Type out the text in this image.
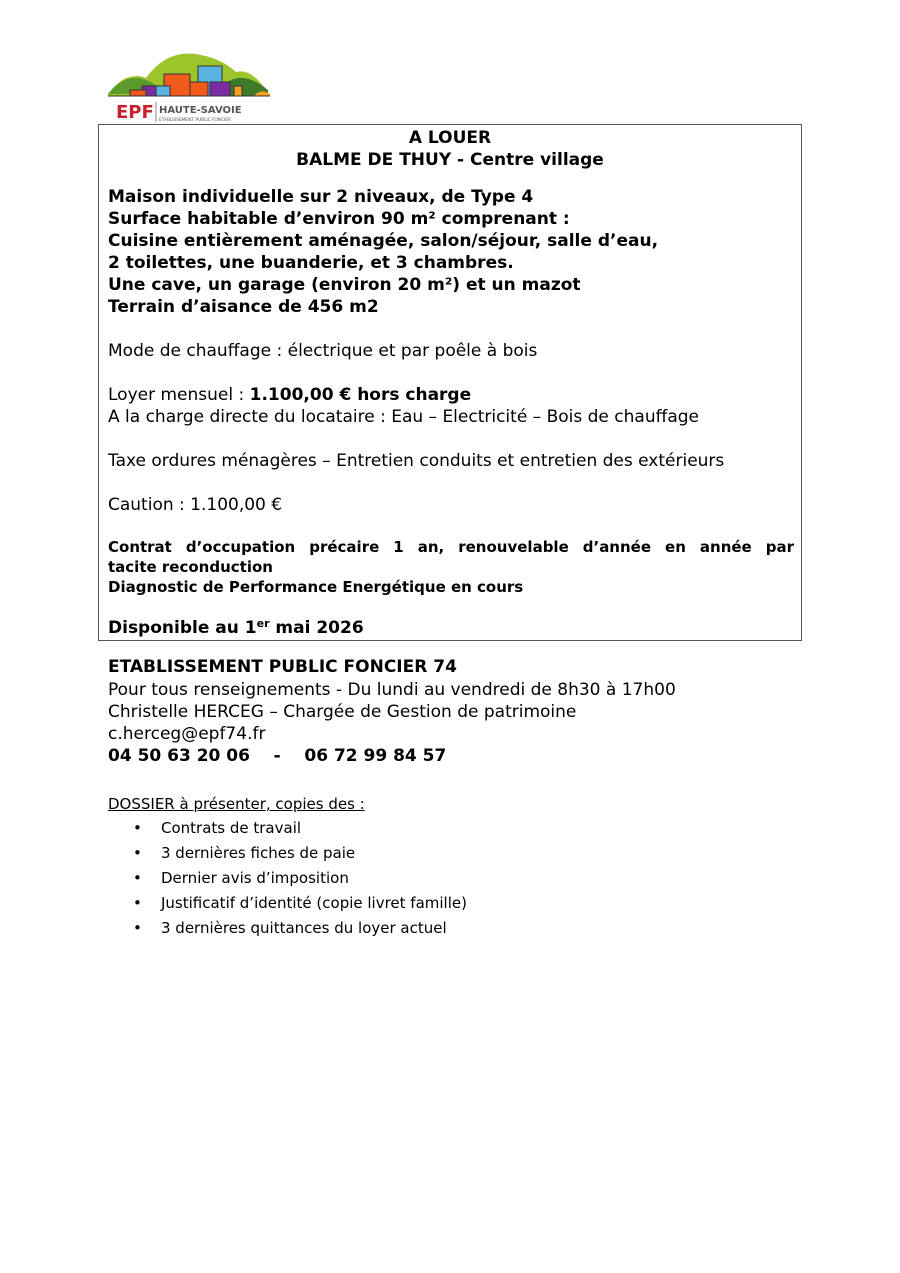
EPF HAUTE-SAVOIE
ETABLISSEMENT PUBLIC FONCIER
A LOUER
BALME DE THUY - Centre village
Maison individuelle sur 2 niveaux, de Type 4
Surface habitable d’environ 90 m² comprenant :
Cuisine entièrement aménagée, salon/séjour, salle d’eau,
2 toilettes, une buanderie, et 3 chambres.
Une cave, un garage (environ 20 m²) et un mazot
Terrain d’aisance de 456 m2
Mode de chauffage : électrique et par poêle à bois
Loyer mensuel : 1.100,00 € hors charge
A la charge directe du locataire : Eau – Electricité – Bois de chauffage
Taxe ordures ménagères – Entretien conduits et entretien des extérieurs
Caution : 1.100,00 €
Contrat d’occupation précaire 1 an, renouvelable d’année en année par
tacite reconduction
Diagnostic de Performance Energétique en cours
Disponible au 1er mai 2026
ETABLISSEMENT PUBLIC FONCIER 74
Pour tous renseignements - Du lundi au vendredi de 8h30 à 17h00
Christelle HERCEG – Chargée de Gestion de patrimoine
c.herceg@epf74.fr
04 50 63 20 06    -    06 72 99 84 57
DOSSIER à présenter, copies des :
• Contrats de travail
• 3 dernières fiches de paie
• Dernier avis d’imposition
• Justificatif d’identité (copie livret famille)
• 3 dernières quittances du loyer actuel
